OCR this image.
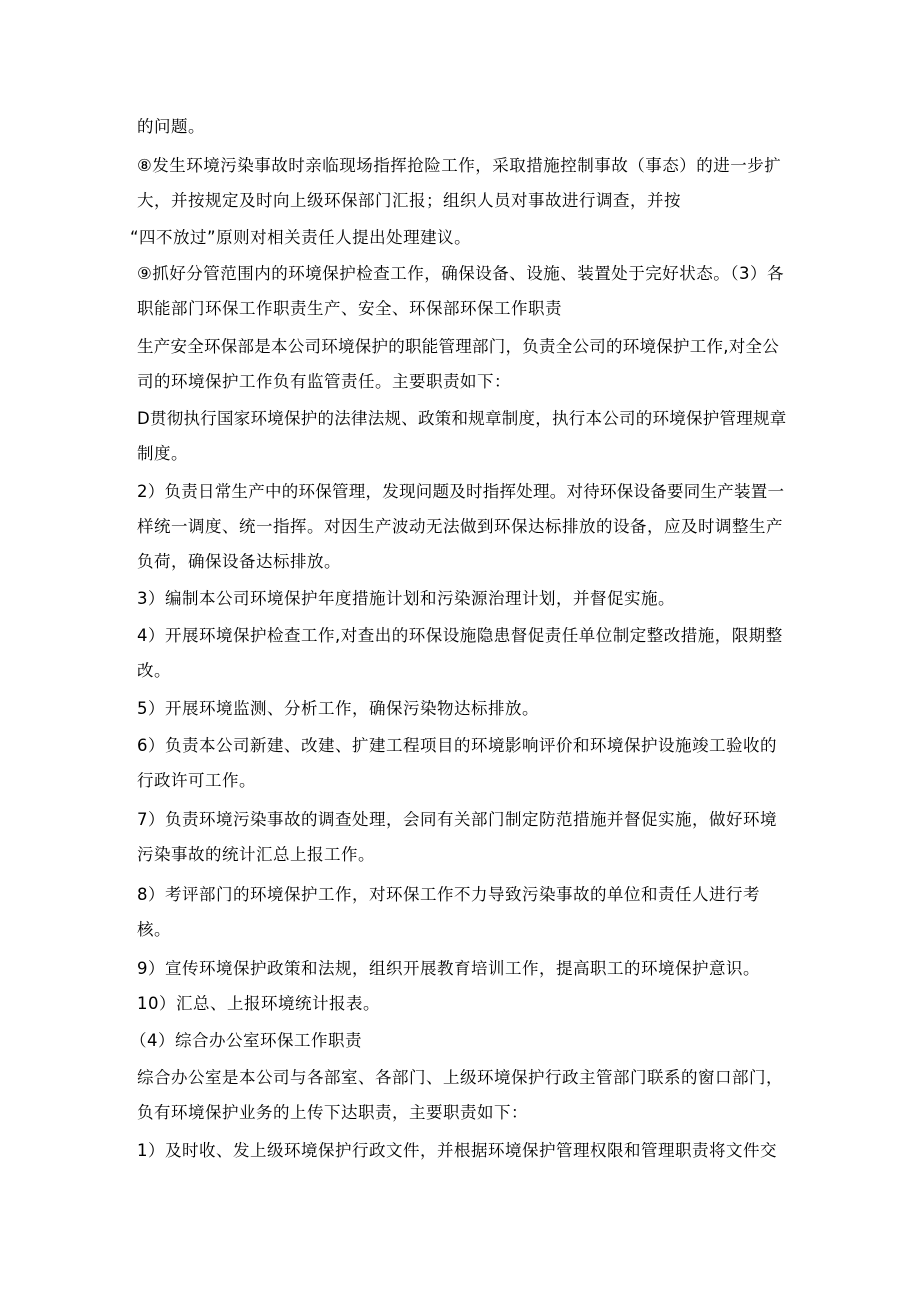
的问题。
⑧发生环境污染事故时亲临现场指挥抢险工作，采取措施控制事故（事态）的进一步扩
大，并按规定及时向上级环保部门汇报；组织人员对事故进行调查，并按
“四不放过”原则对相关责任人提出处理建议。
⑨抓好分管范围内的环境保护检查工作，确保设备、设施、装置处于完好状态。（3）各
职能部门环保工作职责生产、安全、环保部环保工作职责
生产安全环保部是本公司环境保护的职能管理部门，负责全公司的环境保护工作,对全公
司的环境保护工作负有监管责任。主要职责如下：
D贯彻执行国家环境保护的法律法规、政策和规章制度，执行本公司的环境保护管理规章
制度。
2）负责日常生产中的环保管理，发现问题及时指挥处理。对待环保设备要同生产装置一
样统一调度、统一指挥。对因生产波动无法做到环保达标排放的设备，应及时调整生产
负荷，确保设备达标排放。
3）编制本公司环境保护年度措施计划和污染源治理计划，并督促实施。
4）开展环境保护检查工作,对查出的环保设施隐患督促责任单位制定整改措施，限期整
改。
5）开展环境监测、分析工作，确保污染物达标排放。
6）负责本公司新建、改建、扩建工程项目的环境影响评价和环境保护设施竣工验收的
行政许可工作。
7）负责环境污染事故的调查处理，会同有关部门制定防范措施并督促实施，做好环境
污染事故的统计汇总上报工作。
8）考评部门的环境保护工作，对环保工作不力导致污染事故的单位和责任人进行考
核。
9）宣传环境保护政策和法规，组织开展教育培训工作，提高职工的环境保护意识。
10）汇总、上报环境统计报表。
（4）综合办公室环保工作职责
综合办公室是本公司与各部室、各部门、上级环境保护行政主管部门联系的窗口部门，
负有环境保护业务的上传下达职责，主要职责如下：
1）及时收、发上级环境保护行政文件，并根据环境保护管理权限和管理职责将文件交
